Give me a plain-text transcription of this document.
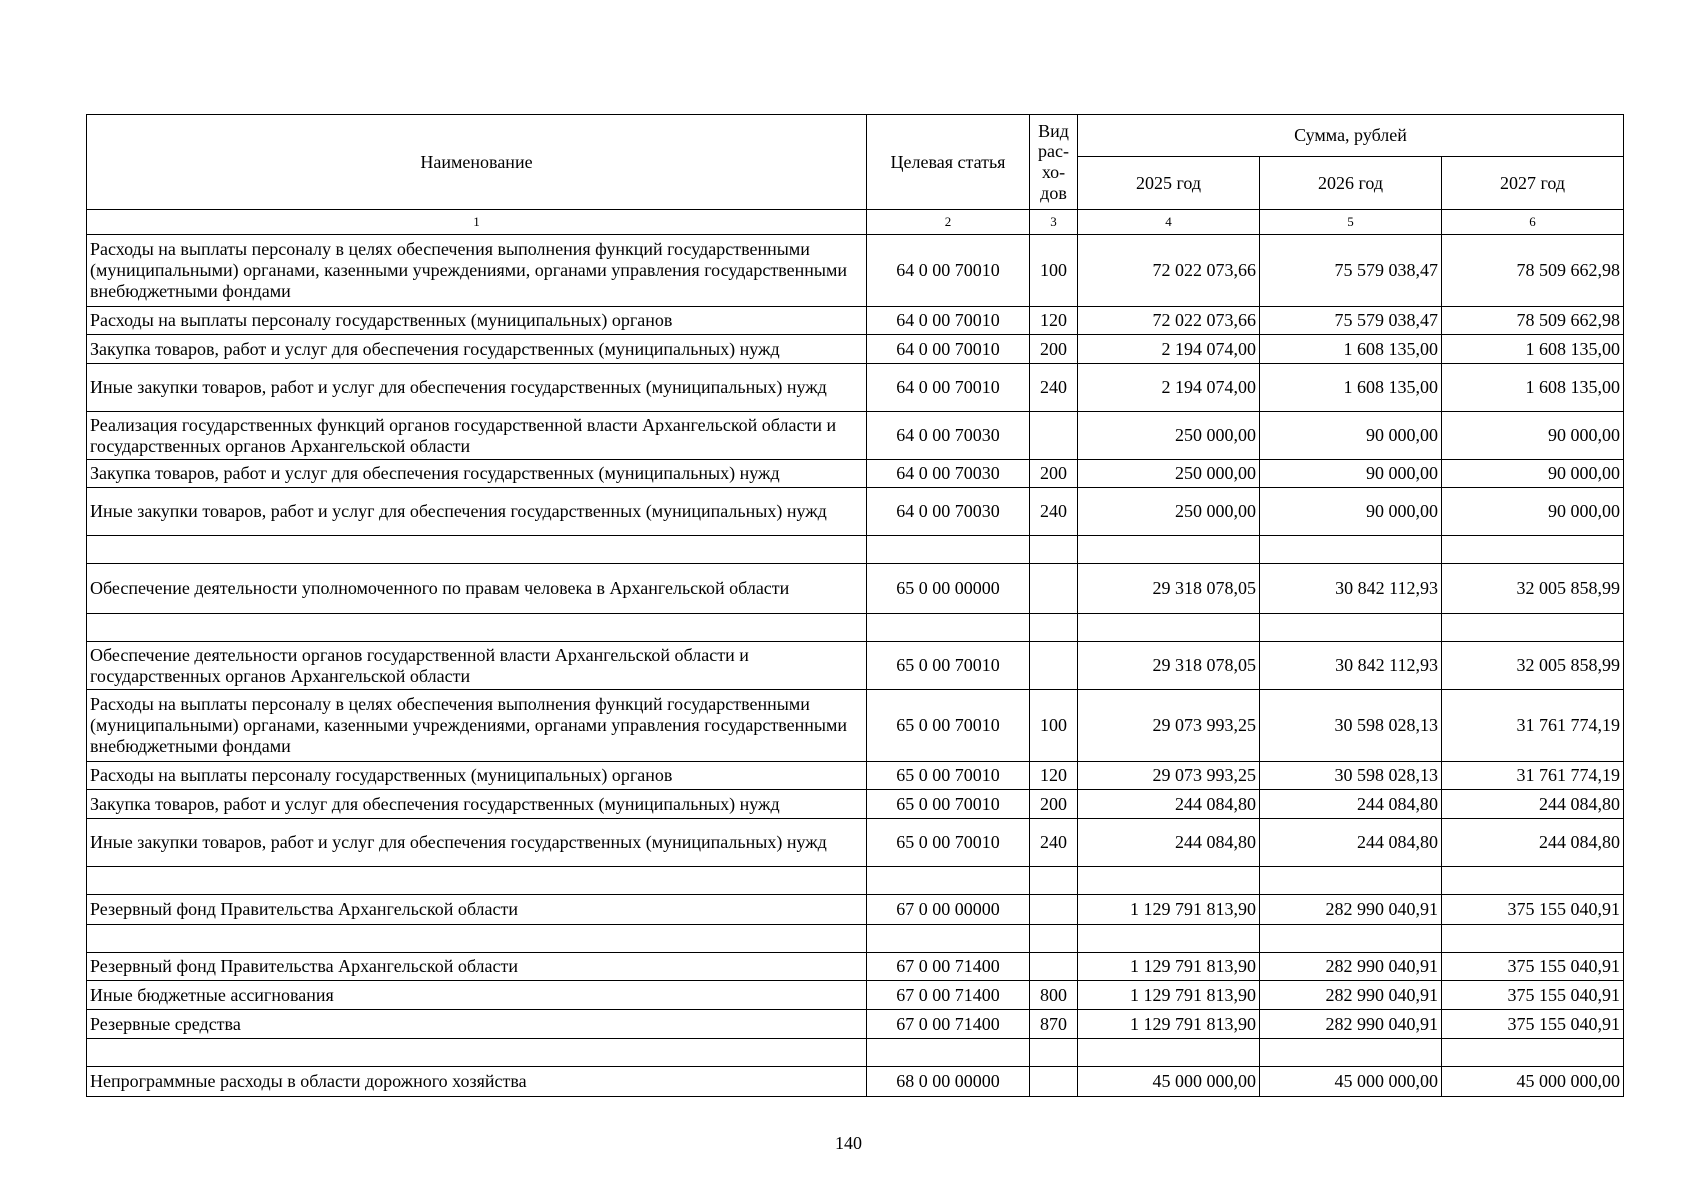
Наименование	Целевая статья	Вид рас- хо- дов	Сумма, рублей		
			2025 год	2026 год	2027 год
1	2	3	4	5	6
Расходы на выплаты персоналу в целях обеспечения выполнения функций государственными (муниципальными) органами, казенными учреждениями, органами управления государственными внебюджетными фондами	64 0 00 70010	100	72 022 073,66	75 579 038,47	78 509 662,98
Расходы на выплаты персоналу государственных (муниципальных) органов	64 0 00 70010	120	72 022 073,66	75 579 038,47	78 509 662,98
Закупка товаров, работ и услуг для обеспечения государственных (муниципальных) нужд	64 0 00 70010	200	2 194 074,00	1 608 135,00	1 608 135,00
Иные закупки товаров, работ и услуг для обеспечения государственных (муниципальных) нужд	64 0 00 70010	240	2 194 074,00	1 608 135,00	1 608 135,00
Реализация государственных функций органов государственной власти Архангельской области и государственных органов Архангельской области	64 0 00 70030		250 000,00	90 000,00	90 000,00
Закупка товаров, работ и услуг для обеспечения государственных (муниципальных) нужд	64 0 00 70030	200	250 000,00	90 000,00	90 000,00
Иные закупки товаров, работ и услуг для обеспечения государственных (муниципальных) нужд	64 0 00 70030	240	250 000,00	90 000,00	90 000,00

Обеспечение деятельности уполномоченного по правам человека в Архангельской области	65 0 00 00000		29 318 078,05	30 842 112,93	32 005 858,99

Обеспечение деятельности органов государственной власти Архангельской области и государственных органов Архангельской области	65 0 00 70010		29 318 078,05	30 842 112,93	32 005 858,99
Расходы на выплаты персоналу в целях обеспечения выполнения функций государственными (муниципальными) органами, казенными учреждениями, органами управления государственными внебюджетными фондами	65 0 00 70010	100	29 073 993,25	30 598 028,13	31 761 774,19
Расходы на выплаты персоналу государственных (муниципальных) органов	65 0 00 70010	120	29 073 993,25	30 598 028,13	31 761 774,19
Закупка товаров, работ и услуг для обеспечения государственных (муниципальных) нужд	65 0 00 70010	200	244 084,80	244 084,80	244 084,80
Иные закупки товаров, работ и услуг для обеспечения государственных (муниципальных) нужд	65 0 00 70010	240	244 084,80	244 084,80	244 084,80

Резервный фонд Правительства Архангельской области	67 0 00 00000		1 129 791 813,90	282 990 040,91	375 155 040,91

Резервный фонд Правительства Архангельской области	67 0 00 71400		1 129 791 813,90	282 990 040,91	375 155 040,91
Иные бюджетные ассигнования	67 0 00 71400	800	1 129 791 813,90	282 990 040,91	375 155 040,91
Резервные средства	67 0 00 71400	870	1 129 791 813,90	282 990 040,91	375 155 040,91

Непрограммные расходы в области дорожного хозяйства	68 0 00 00000		45 000 000,00	45 000 000,00	45 000 000,00
140
